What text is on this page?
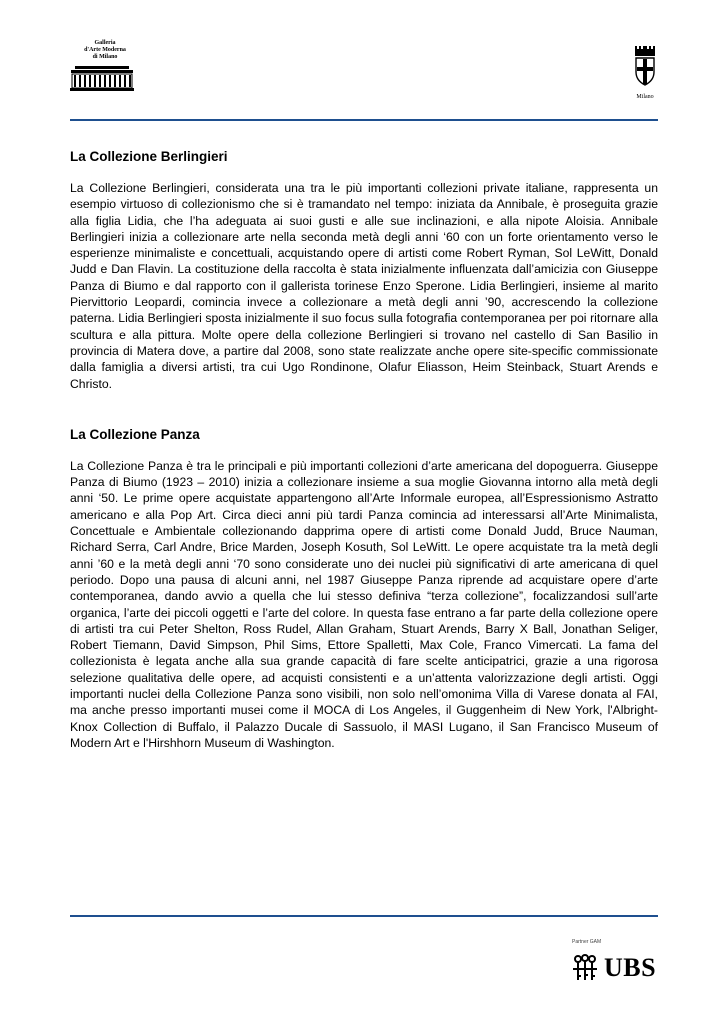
Galleria
d'Arte Moderna
di Milano
Milano
La Collezione Berlingieri

La Collezione Berlingieri, considerata una tra le più importanti collezioni private italiane, rappresenta un esempio virtuoso di collezionismo che si è tramandato nel tempo: iniziata da Annibale, è proseguita grazie alla figlia Lidia, che l’ha adeguata ai suoi gusti e alle sue inclinazioni, e alla nipote Aloisia. Annibale Berlingieri inizia a collezionare arte nella seconda metà degli anni ‘60 con un forte orientamento verso le esperienze minimaliste e concettuali, acquistando opere di artisti come Robert Ryman, Sol LeWitt, Donald Judd e Dan Flavin. La costituzione della raccolta è stata inizialmente influenzata dall’amicizia con Giuseppe Panza di Biumo e dal rapporto con il gallerista torinese Enzo Sperone. Lidia Berlingieri, insieme al marito Piervittorio Leopardi, comincia invece a collezionare a metà degli anni ’90, accrescendo la collezione paterna. Lidia Berlingieri sposta inizialmente il suo focus sulla fotografia contemporanea per poi ritornare alla scultura e alla pittura. Molte opere della collezione Berlingieri si trovano nel castello di San Basilio in provincia di Matera dove, a partire dal 2008, sono state realizzate anche opere site-specific commissionate dalla famiglia a diversi artisti, tra cui Ugo Rondinone, Olafur Eliasson, Heim Steinback, Stuart Arends e Christo.

La Collezione Panza

La Collezione Panza è tra le principali e più importanti collezioni d’arte americana del dopoguerra. Giuseppe Panza di Biumo (1923 – 2010) inizia a collezionare insieme a sua moglie Giovanna intorno alla metà degli anni ‘50. Le prime opere acquistate appartengono all’Arte Informale europea, all’Espressionismo Astratto americano e alla Pop Art. Circa dieci anni più tardi Panza comincia ad interessarsi all’Arte Minimalista, Concettuale e Ambientale collezionando dapprima opere di artisti come Donald Judd, Bruce Nauman, Richard Serra, Carl Andre, Brice Marden, Joseph Kosuth, Sol LeWitt. Le opere acquistate tra la metà degli anni ’60 e la metà degli anni ‘70 sono considerate uno dei nuclei più significativi di arte americana di quel periodo. Dopo una pausa di alcuni anni, nel 1987 Giuseppe Panza riprende ad acquistare opere d’arte contemporanea, dando avvio a quella che lui stesso definiva “terza collezione”, focalizzandosi sull’arte organica, l’arte dei piccoli oggetti e l’arte del colore. In questa fase entrano a far parte della collezione opere di artisti tra cui Peter Shelton, Ross Rudel, Allan Graham, Stuart Arends, Barry X Ball, Jonathan Seliger, Robert Tiemann, David Simpson, Phil Sims, Ettore Spalletti, Max Cole, Franco Vimercati. La fama del collezionista è legata anche alla sua grande capacità di fare scelte anticipatrici, grazie a una rigorosa selezione qualitativa delle opere, ad acquisti consistenti e a un’attenta valorizzazione degli artisti. Oggi importanti nuclei della Collezione Panza sono visibili, non solo nell’omonima Villa di Varese donata al FAI, ma anche presso importanti musei come il MOCA di Los Angeles, il Guggenheim di New York, l'Albright-Knox Collection di Buffalo, il Palazzo Ducale di Sassuolo, il MASI Lugano, il San Francisco Museum of Modern Art e l'Hirshhorn Museum di Washington.

Partner GAM
UBS
